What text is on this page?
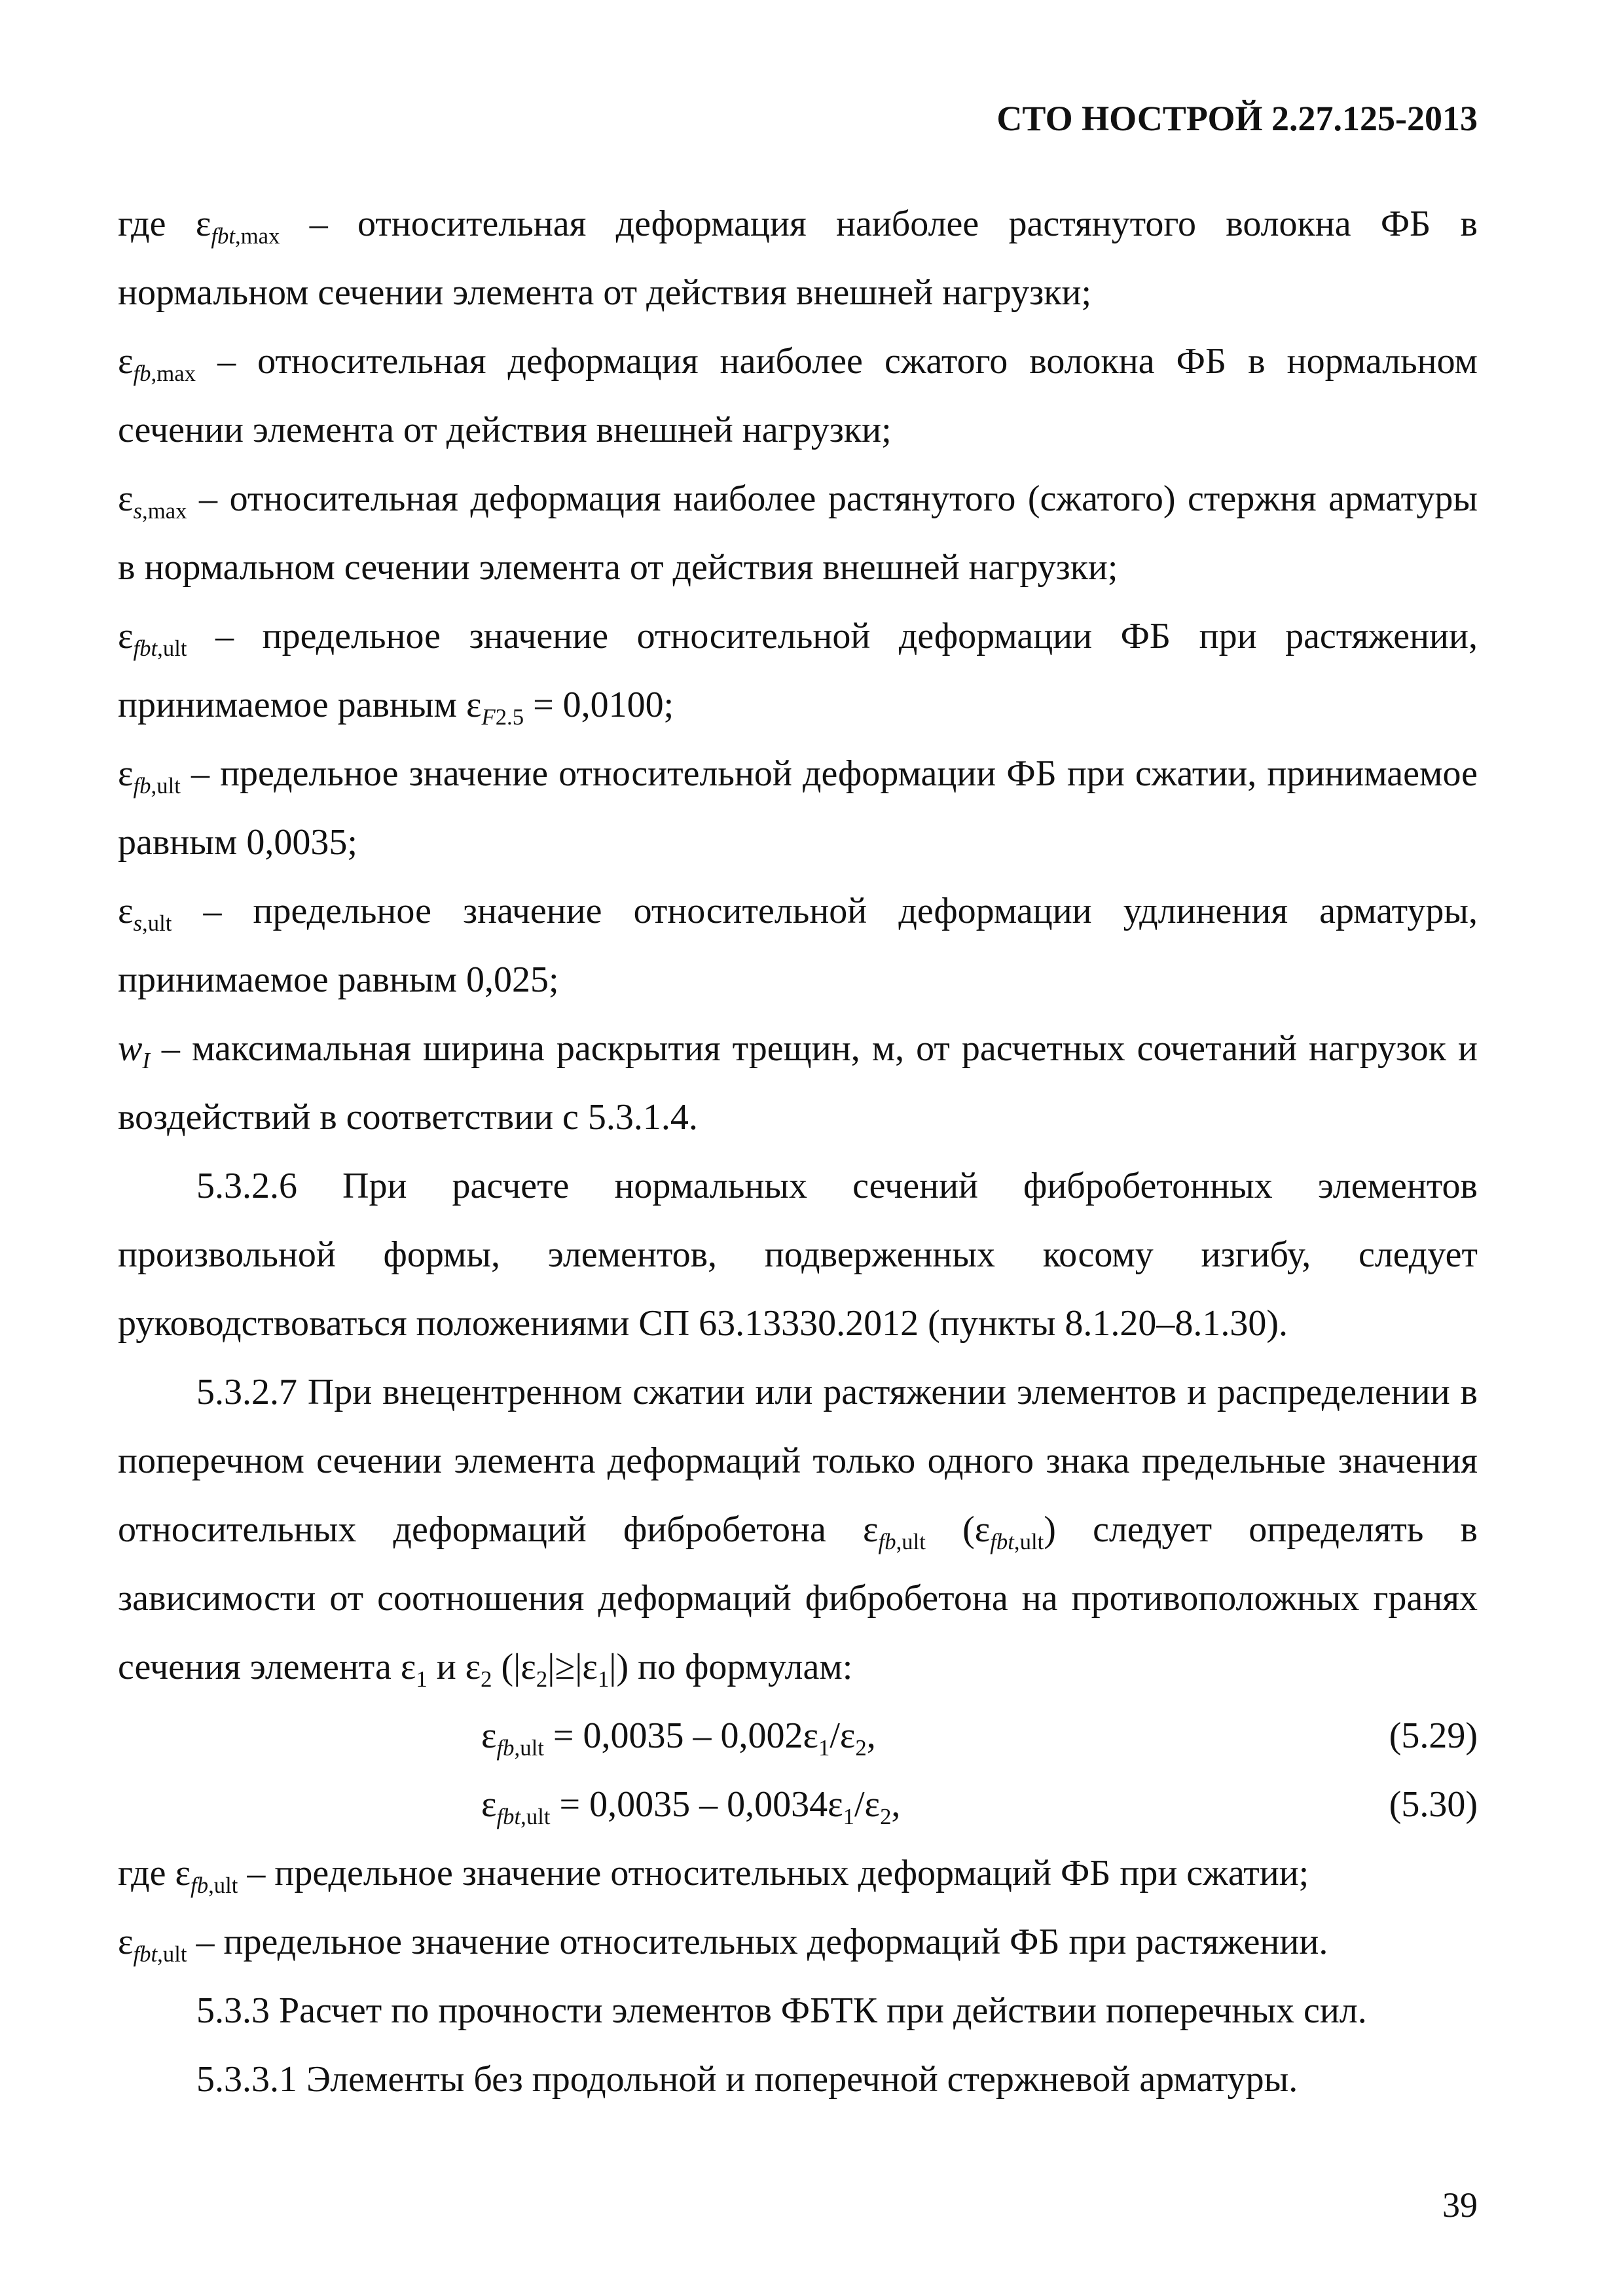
СТО НОСТРОЙ 2.27.125-2013

где $\varepsilon_{fbt,max}$ – относительная деформация наиболее растянутого волокна ФБ в нормальном сечении элемента от действия внешней нагрузки;

$\varepsilon_{fb,max}$ – относительная деформация наиболее сжатого волокна ФБ в нормальном сечении элемента от действия внешней нагрузки;

$\varepsilon_{s,max}$ – относительная деформация наиболее растянутого (сжатого) стержня арматуры в нормальном сечении элемента от действия внешней нагрузки;

$\varepsilon_{fbt,ult}$ – предельное значение относительной деформации ФБ при растяжении, принимаемое равным $\varepsilon_{F2.5} = 0,0100$;

$\varepsilon_{fb,ult}$ – предельное значение относительной деформации ФБ при сжатии, принимаемое равным 0,0035;

$\varepsilon_{s,ult}$ – предельное значение относительной деформации удлинения арматуры, принимаемое равным 0,025;

$w_I$ – максимальная ширина раскрытия трещин, м, от расчетных сочетаний нагрузок и воздействий в соответствии с 5.3.1.4.

5.3.2.6 При расчете нормальных сечений фибробетонных элементов произвольной формы, элементов, подверженных косому изгибу, следует руководствоваться положениями СП 63.13330.2012 (пункты 8.1.20–8.1.30).

5.3.2.7 При внецентренном сжатии или растяжении элементов и распределении в поперечном сечении элемента деформаций только одного знака предельные значения относительных деформаций фибробетона $\varepsilon_{fb,ult}$ $(\varepsilon_{fbt,ult})$ следует определять в зависимости от соотношения деформаций фибробетона на противоположных гранях сечения элемента $\varepsilon_1$ и $\varepsilon_2$ $(|\varepsilon_2|\ge|\varepsilon_1|)$ по формулам:

$\varepsilon_{fb,ult} = 0,0035 - 0,002\varepsilon_1/\varepsilon_2$,	(5.29)
$\varepsilon_{fbt,ult} = 0,0035 - 0,0034\varepsilon_1/\varepsilon_2$,	(5.30)

где $\varepsilon_{fb,ult}$ – предельное значение относительных деформаций ФБ при сжатии;

$\varepsilon_{fbt,ult}$ – предельное значение относительных деформаций ФБ при растяжении.

5.3.3 Расчет по прочности элементов ФБТК при действии поперечных сил.

5.3.3.1 Элементы без продольной и поперечной стержневой арматуры.

39
